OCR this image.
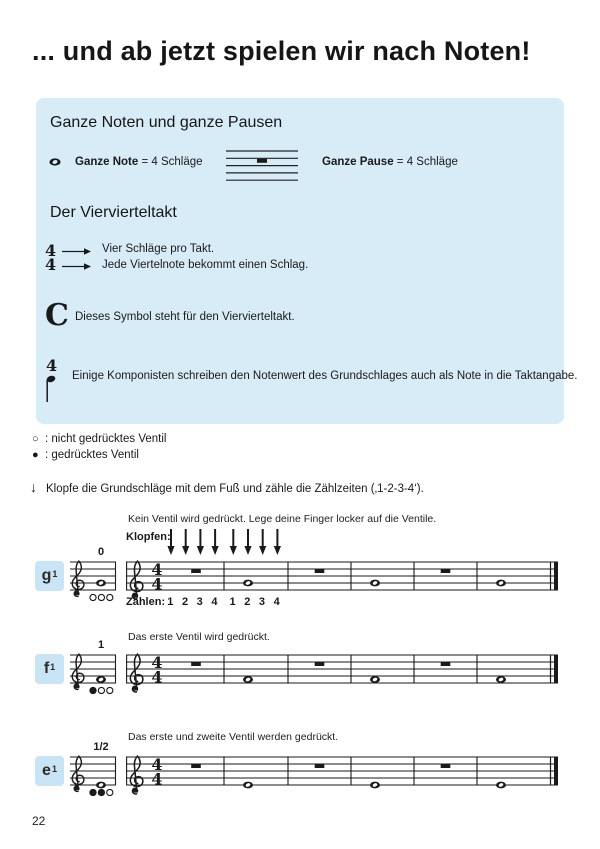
... und ab jetzt spielen wir nach Noten!
Ganze Noten und ganze Pausen
Ganze Note = 4 Schläge	Ganze Pause = 4 Schläge
Der Viervierteltakt
4
4
Vier Schläge pro Takt.
Jede Viertelnote bekommt einen Schlag.
C Dieses Symbol steht für den Viervierteltakt.
4
Einige Komponisten schreiben den Notenwert des Grundschlages auch als Note in die Taktangabe.
○ : nicht gedrücktes Ventil
● : gedrücktes Ventil
↓ Klopfe die Grundschläge mit dem Fuß und zähle die Zählzeiten (‚1-2-3-4‘).
Kein Ventil wird gedrückt. Lege deine Finger locker auf die Ventile.
Klopfen:
g 1
0
4
4
Zählen: 1 2 3 4	1 2 3 4
Das erste Ventil wird gedrückt.
f 1
1
4
4
Das erste und zweite Ventil werden gedrückt.
e 1
1/2
4
4
22
